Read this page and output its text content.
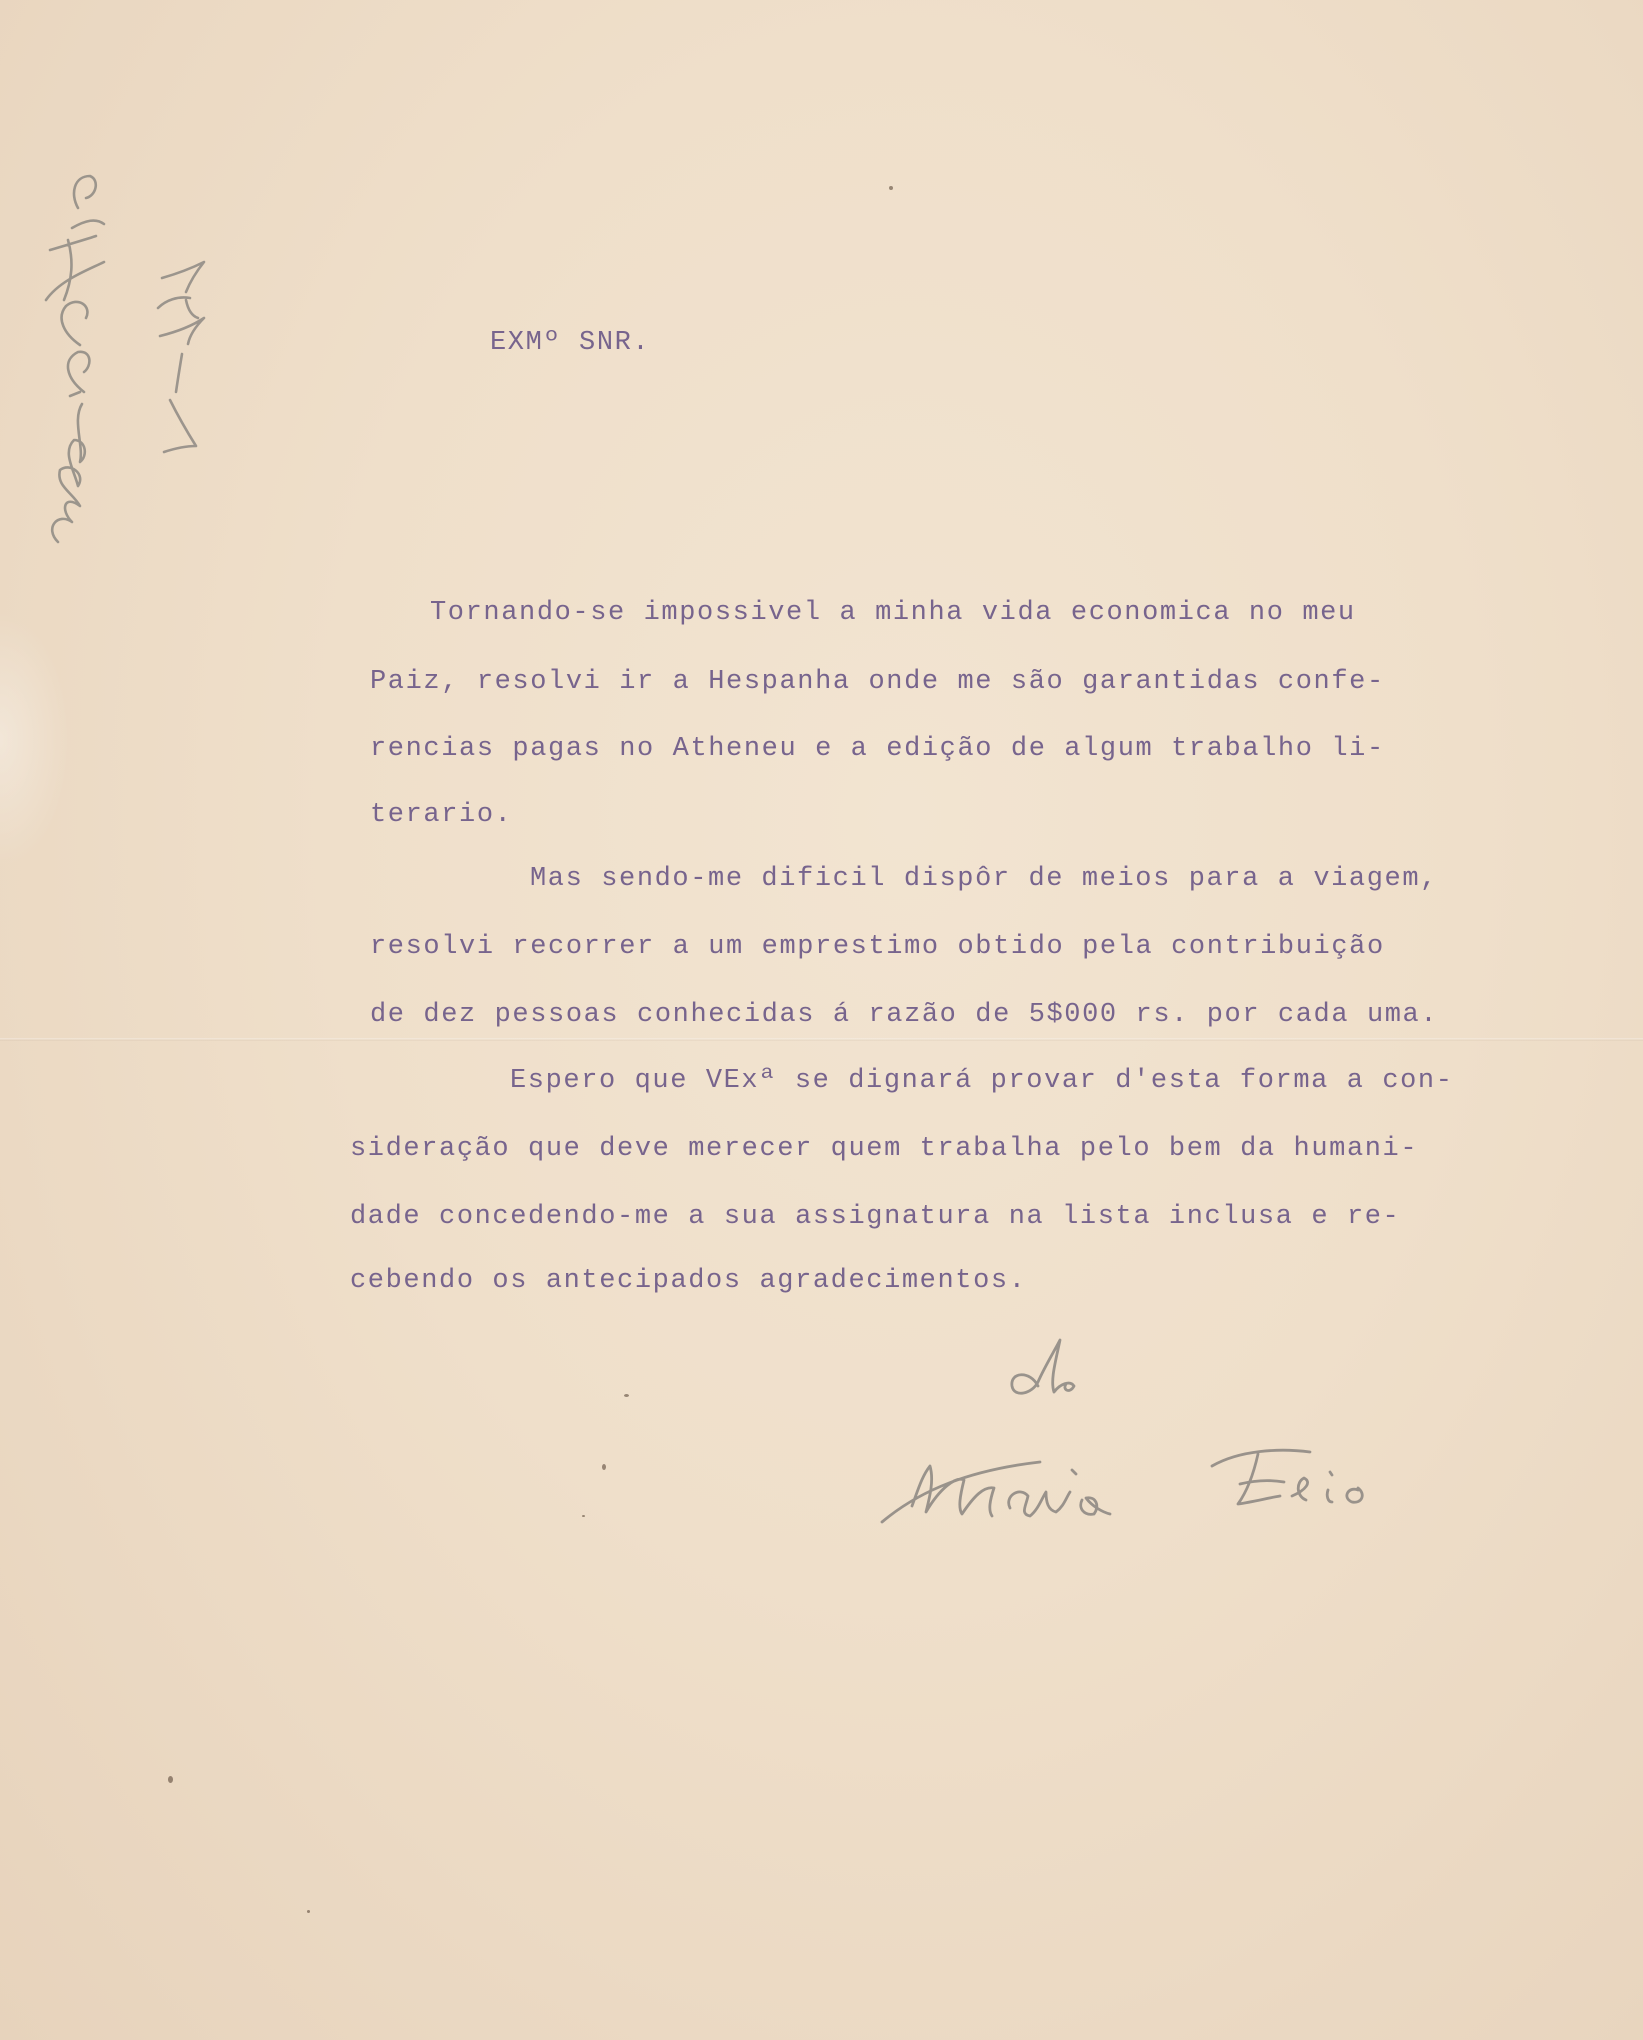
EXMº SNR.

Tornando-se impossivel a minha vida economica no meu

Paiz, resolvi ir a Hespanha onde me são garantidas confe-

rencias pagas no Atheneu e a edição de algum trabalho li-

terario.

Mas sendo-me dificil dispôr de meios para a viagem,

resolvi recorrer a um emprestimo obtido pela contribuição

de dez pessoas conhecidas á razão de 5$000 rs. por cada uma.

Espero que VExª se dignará provar d'esta forma a con-

sideração que deve merecer quem trabalha pelo bem da humani-

dade concedendo-me a sua assignatura na lista inclusa e re-

cebendo os antecipados agradecimentos.
